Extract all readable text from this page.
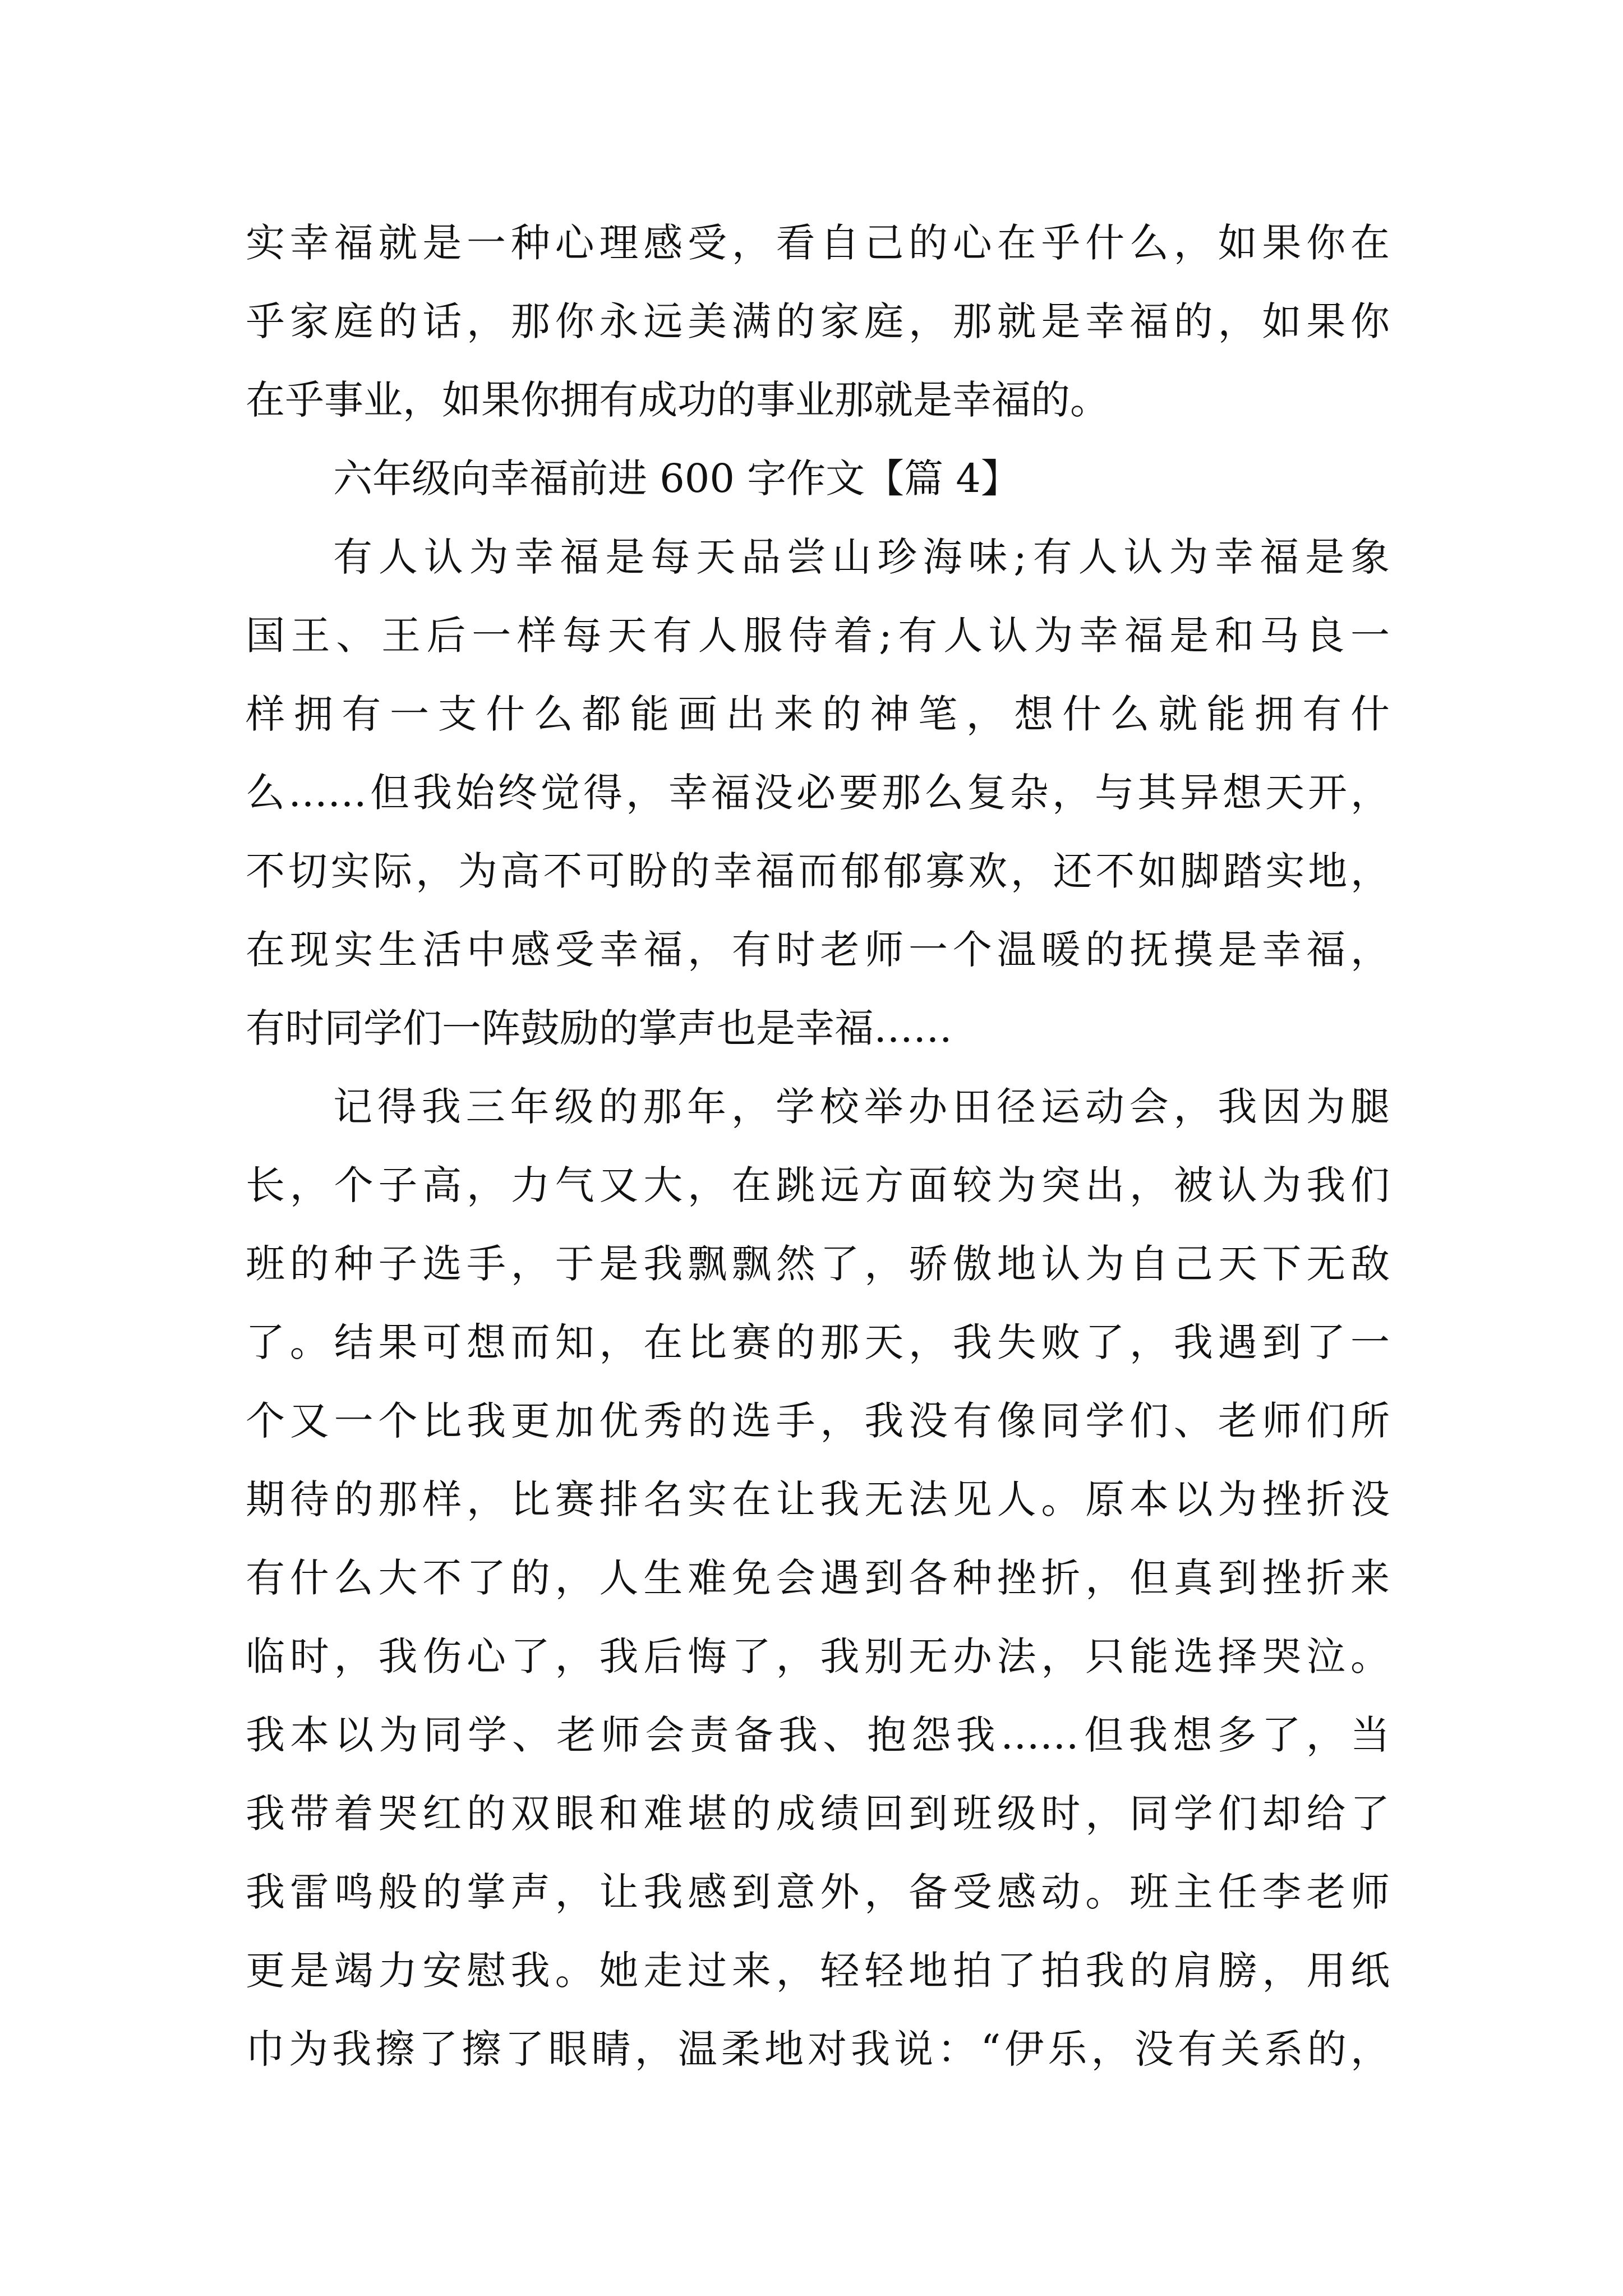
实幸福就是一种心理感受，看自己的心在乎什么，如果你在
乎家庭的话，那你永远美满的家庭，那就是幸福的，如果你
在乎事业，如果你拥有成功的事业那就是幸福的。
六年级向幸福前进 600 字作文【篇 4】
有人认为幸福是每天品尝山珍海味;有人认为幸福是象
国王、王后一样每天有人服侍着;有人认为幸福是和马良一
样拥有一支什么都能画出来的神笔，想什么就能拥有什
么……但我始终觉得，幸福没必要那么复杂，与其异想天开，
不切实际，为高不可盼的幸福而郁郁寡欢，还不如脚踏实地，
在现实生活中感受幸福，有时老师一个温暖的抚摸是幸福，
有时同学们一阵鼓励的掌声也是幸福……
记得我三年级的那年，学校举办田径运动会，我因为腿
长，个子高，力气又大，在跳远方面较为突出，被认为我们
班的种子选手，于是我飘飘然了，骄傲地认为自己天下无敌
了。结果可想而知，在比赛的那天，我失败了，我遇到了一
个又一个比我更加优秀的选手，我没有像同学们、老师们所
期待的那样，比赛排名实在让我无法见人。原本以为挫折没
有什么大不了的，人生难免会遇到各种挫折，但真到挫折来
临时，我伤心了，我后悔了，我别无办法，只能选择哭泣。
我本以为同学、老师会责备我、抱怨我……但我想多了，当
我带着哭红的双眼和难堪的成绩回到班级时，同学们却给了
我雷鸣般的掌声，让我感到意外，备受感动。班主任李老师
更是竭力安慰我。她走过来，轻轻地拍了拍我的肩膀，用纸
巾为我擦了擦了眼睛，温柔地对我说：“伊乐，没有关系的，
